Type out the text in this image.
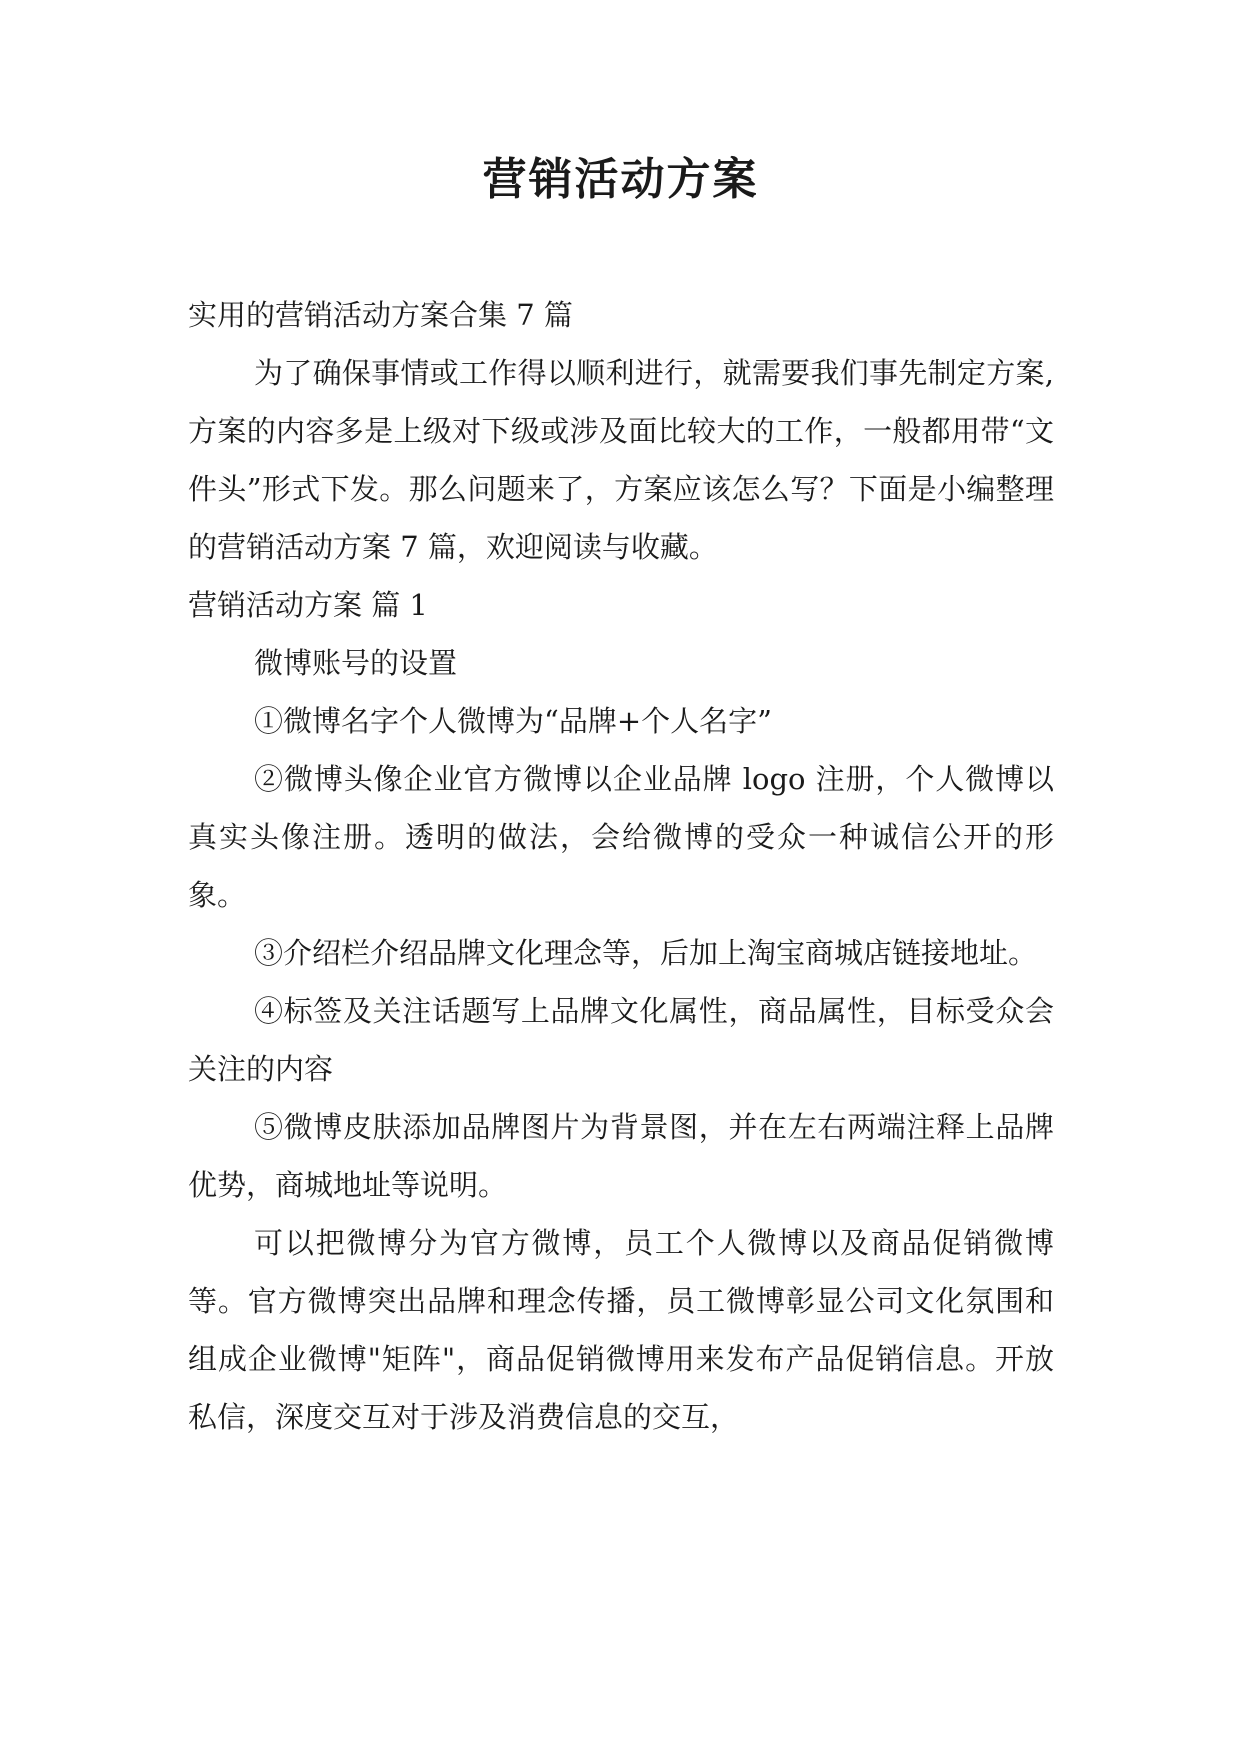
营销活动方案

实用的营销活动方案合集 7 篇

为了确保事情或工作得以顺利进行，就需要我们事先制定方案,方案的内容多是上级对下级或涉及面比较大的工作，一般都用带“文件头”形式下发。那么问题来了，方案应该怎么写？下面是小编整理的营销活动方案 7 篇，欢迎阅读与收藏。

营销活动方案 篇 1

微博账号的设置

①微博名字个人微博为“品牌+个人名字”

②微博头像企业官方微博以企业品牌 logo 注册，个人微博以真实头像注册。透明的做法，会给微博的受众一种诚信公开的形象。

③介绍栏介绍品牌文化理念等，后加上淘宝商城店链接地址。

④标签及关注话题写上品牌文化属性，商品属性，目标受众会关注的内容

⑤微博皮肤添加品牌图片为背景图，并在左右两端注释上品牌优势，商城地址等说明。

可以把微博分为官方微博，员工个人微博以及商品促销微博等。官方微博突出品牌和理念传播，员工微博彰显公司文化氛围和组成企业微博"矩阵"，商品促销微博用来发布产品促销信息。开放私信，深度交互对于涉及消费信息的交互，
